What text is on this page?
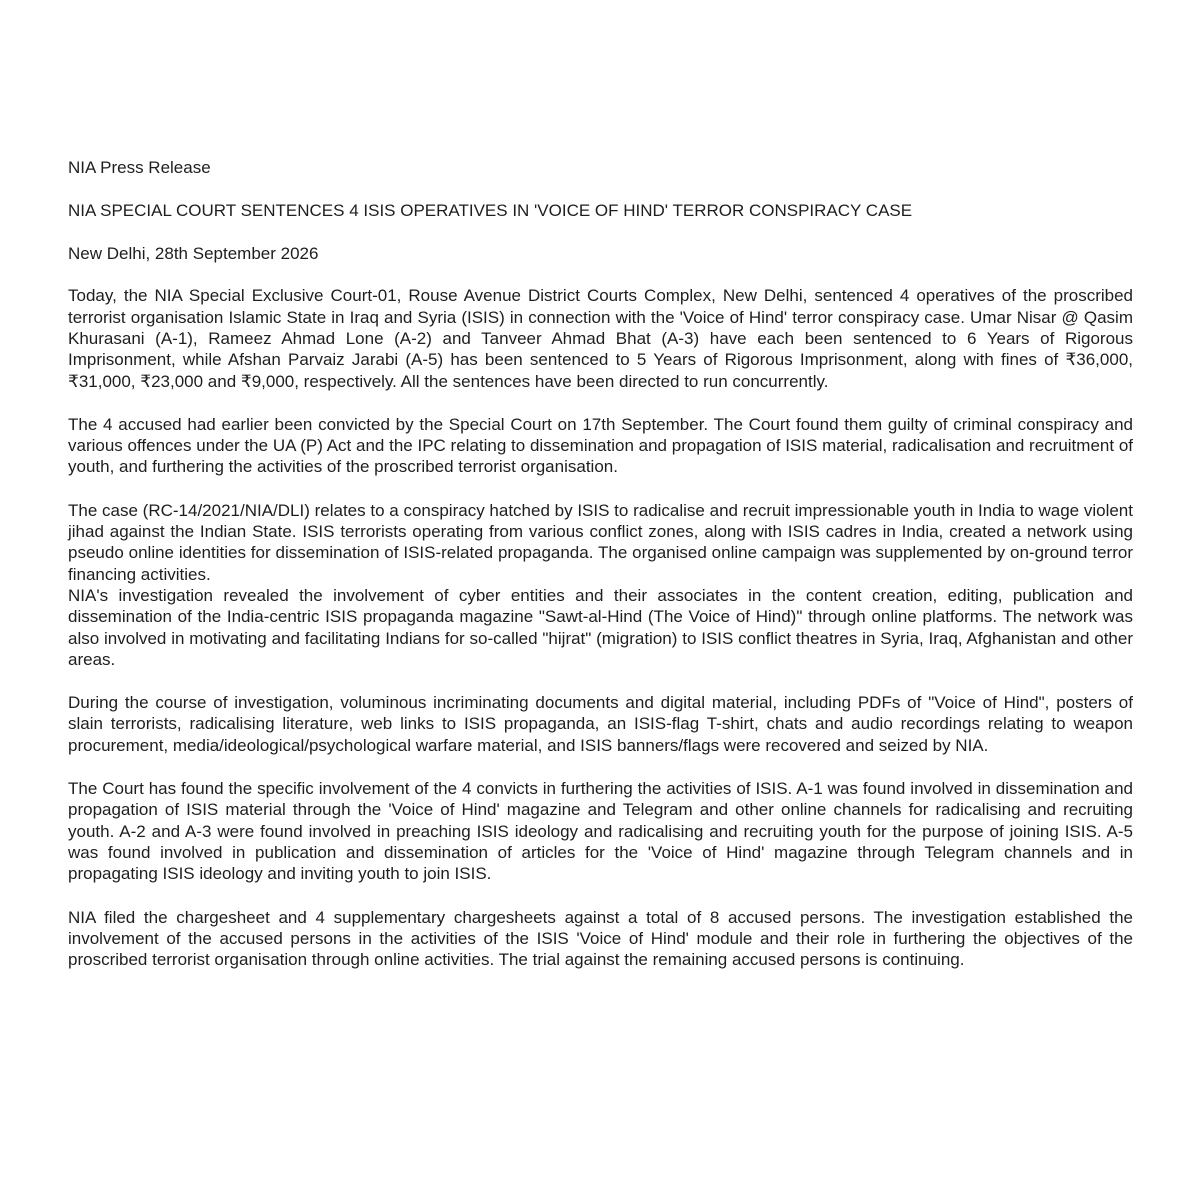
NIA Press Release
NIA SPECIAL COURT SENTENCES 4 ISIS OPERATIVES IN 'VOICE OF HIND' TERROR CONSPIRACY CASE
New Delhi, 28th September 2026

Today, the NIA Special Exclusive Court-01, Rouse Avenue District Courts Complex, New Delhi, sentenced 4 operatives of the proscribed terrorist organisation Islamic State in Iraq and Syria (ISIS) in connection with the 'Voice of Hind' terror conspiracy case. Umar Nisar @ Qasim Khurasani (A-1), Rameez Ahmad Lone (A-2) and Tanveer Ahmad Bhat (A-3) have each been sentenced to 6 Years of Rigorous Imprisonment, while Afshan Parvaiz Jarabi (A-5) has been sentenced to 5 Years of Rigorous Imprisonment, along with fines of ₹36,000, ₹31,000, ₹23,000 and ₹9,000, respectively. All the sentences have been directed to run concurrently.

The 4 accused had earlier been convicted by the Special Court on 17th September. The Court found them guilty of criminal conspiracy and various offences under the UA (P) Act and the IPC relating to dissemination and propagation of ISIS material, radicalisation and recruitment of youth, and furthering the activities of the proscribed terrorist organisation.

The case (RC-14/2021/NIA/DLI) relates to a conspiracy hatched by ISIS to radicalise and recruit impressionable youth in India to wage violent jihad against the Indian State. ISIS terrorists operating from various conflict zones, along with ISIS cadres in India, created a network using pseudo online identities for dissemination of ISIS-related propaganda. The organised online campaign was supplemented by on-ground terror financing activities.

NIA's investigation revealed the involvement of cyber entities and their associates in the content creation, editing, publication and dissemination of the India-centric ISIS propaganda magazine "Sawt-al-Hind (The Voice of Hind)" through online platforms. The network was also involved in motivating and facilitating Indians for so-called "hijrat" (migration) to ISIS conflict theatres in Syria, Iraq, Afghanistan and other areas.

During the course of investigation, voluminous incriminating documents and digital material, including PDFs of "Voice of Hind", posters of slain terrorists, radicalising literature, web links to ISIS propaganda, an ISIS-flag T-shirt, chats and audio recordings relating to weapon procurement, media/ideological/psychological warfare material, and ISIS banners/flags were recovered and seized by NIA.

The Court has found the specific involvement of the 4 convicts in furthering the activities of ISIS. A-1 was found involved in dissemination and propagation of ISIS material through the 'Voice of Hind' magazine and Telegram and other online channels for radicalising and recruiting youth. A-2 and A-3 were found involved in preaching ISIS ideology and radicalising and recruiting youth for the purpose of joining ISIS. A-5 was found involved in publication and dissemination of articles for the 'Voice of Hind' magazine through Telegram channels and in propagating ISIS ideology and inviting youth to join ISIS.

NIA filed the chargesheet and 4 supplementary chargesheets against a total of 8 accused persons. The investigation established the involvement of the accused persons in the activities of the ISIS 'Voice of Hind' module and their role in furthering the objectives of the proscribed terrorist organisation through online activities. The trial against the remaining accused persons is continuing.
